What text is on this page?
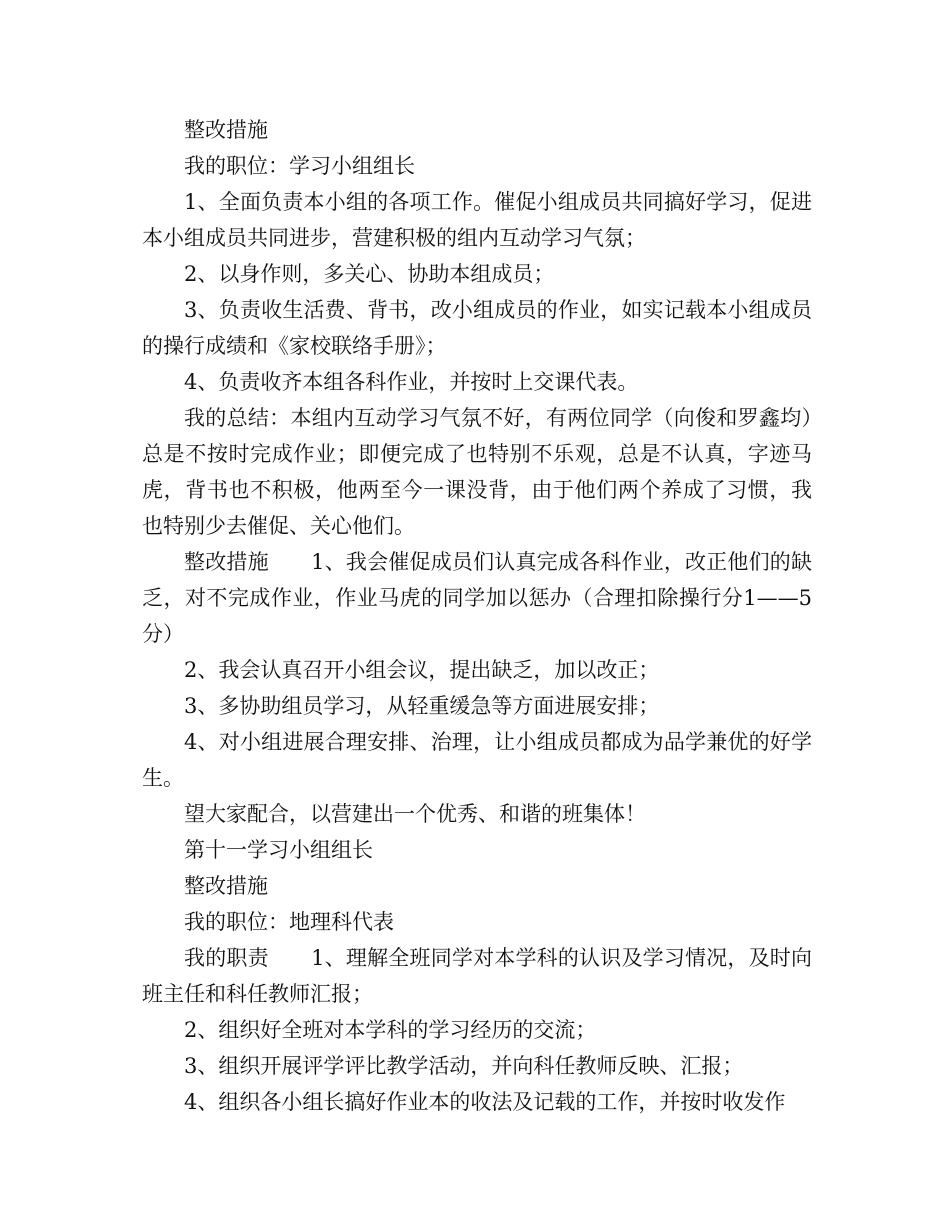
整改措施

我的职位：学习小组组长

1、全面负责本小组的各项工作。催促小组成员共同搞好学习，促进本小组成员共同进步，营建积极的组内互动学习气氛；

2、以身作则，多关心、协助本组成员；

3、负责收生活费、背书，改小组成员的作业，如实记载本小组成员的操行成绩和《家校联络手册》；

4、负责收齐本组各科作业，并按时上交课代表。

我的总结：本组内互动学习气氛不好，有两位同学（向俊和罗鑫均）总是不按时完成作业；即便完成了也特别不乐观，总是不认真，字迹马虎，背书也不积极，他两至今一课没背，由于他们两个养成了习惯，我也特别少去催促、关心他们。

整改措施　　1、我会催促成员们认真完成各科作业，改正他们的缺乏，对不完成作业，作业马虎的同学加以惩办（合理扣除操行分1——5分）

2、我会认真召开小组会议，提出缺乏，加以改正；

3、多协助组员学习，从轻重缓急等方面进展安排；

4、对小组进展合理安排、治理，让小组成员都成为品学兼优的好学生。

望大家配合，以营建出一个优秀、和谐的班集体！

第十一学习小组组长

整改措施

我的职位：地理科代表

我的职责　　1、理解全班同学对本学科的认识及学习情况，及时向班主任和科任教师汇报；

2、组织好全班对本学科的学习经历的交流；

3、组织开展评学评比教学活动，并向科任教师反映、汇报；

4、组织各小组长搞好作业本的收法及记载的工作，并按时收发作
